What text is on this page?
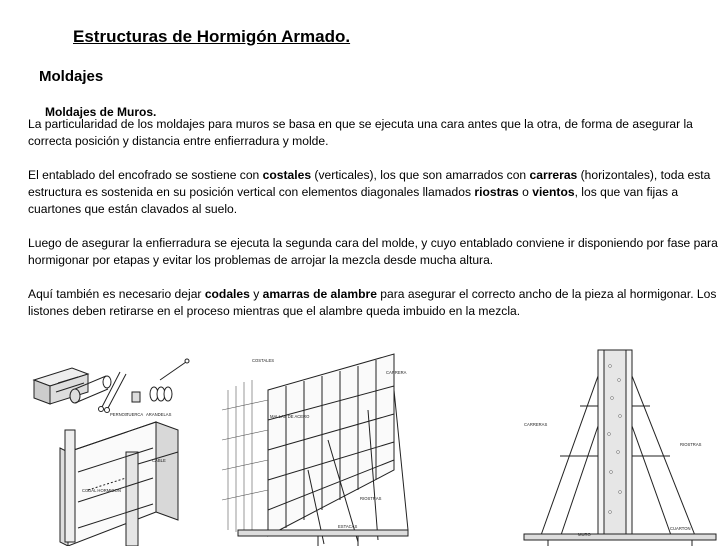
Estructuras de Hormigón Armado.
Moldajes
Moldajes de Muros.

La particularidad de los moldajes para muros se basa en que se ejecuta una cara antes que la otra, de forma de asegurar la correcta posición y distancia entre enfierradura y molde.

El entablado del encofrado se sostiene con costales (verticales), los que son amarrados con carreras (horizontales), toda esta estructura es sostenida en su posición vertical con elementos diagonales llamados riostras o vientos, los que van fijas a cuartones que están clavados al suelo.

Luego de asegurar la enfierradura se ejecuta la segunda cara del molde, y cuyo entablado conviene ir disponiendo por fase para hormigonar por etapas y evitar los problemas de arrojar la mezcla desde mucha altura.

Aquí también es necesario dejar codales y amarras de alambre para asegurar el correcto ancho de la pieza al hormigonar. Los listones deben retirarse en el proceso mientras que el alambre queda imbuido en la mezcla.

PERNOS
TUERCA ARANDELAS
CODAL HORMIGON
CABLE
COSTALES
MALLAS DE ACERO
CARRERA
RIOSTRAS
ESTACAS
MURO
CARRERAS
RIOSTRAS
CUARTON
